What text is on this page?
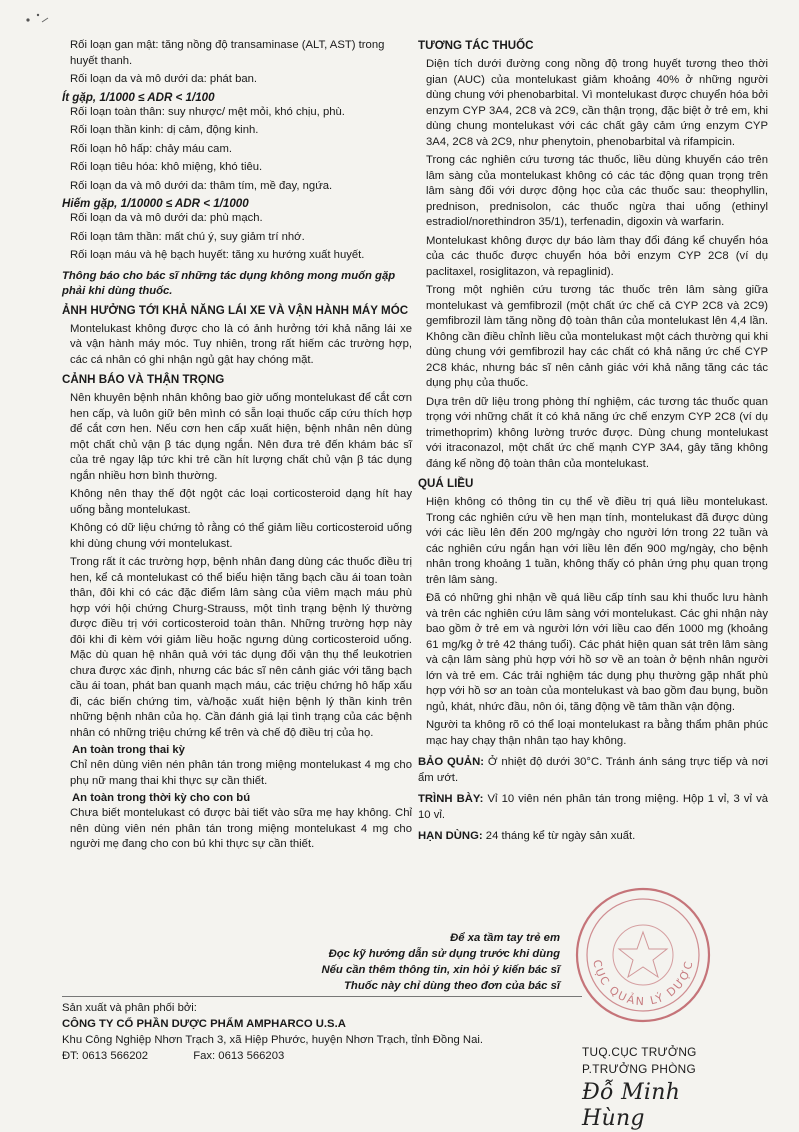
Rối loạn gan mật: tăng nồng độ transaminase (ALT, AST) trong huyết thanh.

Rối loạn da và mô dưới da: phát ban.

Ít gặp, 1/1000 ≤ ADR < 1/100

Rối loạn toàn thân: suy nhược/ mệt mỏi, khó chịu, phù.

Rối loạn thần kinh: dị cảm, động kinh.

Rối loạn hô hấp: chảy máu cam.

Rối loạn tiêu hóa: khô miệng, khó tiêu.

Rối loạn da và mô dưới da: thâm tím, mề đay, ngứa.

Hiếm gặp, 1/10000 ≤ ADR < 1/1000

Rối loạn da và mô dưới da: phù mạch.

Rối loạn tâm thần: mất chú ý, suy giảm trí nhớ.

Rối loạn máu và hệ bạch huyết: tăng xu hướng xuất huyết.

Thông báo cho bác sĩ những tác dụng không mong muốn gặp phải khi dùng thuốc.
ẢNH HƯỞNG TỚI KHẢ NĂNG LÁI XE VÀ VẬN HÀNH MÁY MÓC

Montelukast không được cho là có ảnh hưởng tới khả năng lái xe và vận hành máy móc. Tuy nhiên, trong rất hiếm các trường hợp, các cá nhân có ghi nhận ngủ gật hay chóng mặt.

CẢNH BÁO VÀ THẬN TRỌNG

Nên khuyên bệnh nhân không bao giờ uống montelukast để cắt cơn hen cấp, và luôn giữ bên mình có sẵn loại thuốc cấp cứu thích hợp để cắt cơn hen. Nếu cơn hen cấp xuất hiện, bệnh nhân nên dùng một chất chủ vận β tác dụng ngắn. Nên đưa trẻ đến khám bác sĩ của trẻ ngay lập tức khi trẻ cần hít lượng chất chủ vận β tác dụng ngắn nhiều hơn bình thường.

Không nên thay thế đột ngột các loại corticosteroid dạng hít hay uống bằng montelukast.

Không có dữ liệu chứng tỏ rằng có thể giảm liều corticosteroid uống khi dùng chung với montelukast.

Trong rất ít các trường hợp, bệnh nhân đang dùng các thuốc điều trị hen, kể cả montelukast có thể biểu hiện tăng bạch cầu ái toan toàn thân, đôi khi có các đặc điểm lâm sàng của viêm mạch máu phù hợp với hội chứng Churg-Strauss, một tình trạng bệnh lý thường được điều trị với corticosteroid toàn thân. Những trường hợp này đôi khi đi kèm với giảm liều hoặc ngưng dùng corticosteroid uống. Mặc dù quan hệ nhân quả với tác dụng đối vận thụ thể leukotrien chưa được xác định, nhưng các bác sĩ nên cảnh giác với tăng bạch cầu ái toan, phát ban quanh mạch máu, các triệu chứng hô hấp xấu đi, các biến chứng tim, và/hoặc xuất hiện bệnh lý thần kinh trên những bệnh nhân của họ. Cần đánh giá lại tình trạng của các bệnh nhân có những triệu chứng kể trên và chế độ điều trị của họ.

An toàn trong thai kỳ

Chỉ nên dùng viên nén phân tán trong miệng montelukast 4 mg cho phụ nữ mang thai khi thực sự cần thiết.

An toàn trong thời kỳ cho con bú

Chưa biết montelukast có được bài tiết vào sữa mẹ hay không. Chỉ nên dùng viên nén phân tán trong miệng montelukast 4 mg cho người mẹ đang cho con bú khi thực sự cần thiết.

TƯƠNG TÁC THUỐC

Diện tích dưới đường cong nồng độ trong huyết tương theo thời gian (AUC) của montelukast giảm khoảng 40% ở những người dùng chung với phenobarbital. Vì montelukast được chuyển hóa bởi enzym CYP 3A4, 2C8 và 2C9, cần thận trọng, đặc biệt ở trẻ em, khi dùng chung montelukast với các chất gây cảm ứng enzym CYP 3A4, 2C8 và 2C9, như phenytoin, phenobarbital và rifampicin.

Trong các nghiên cứu tương tác thuốc, liều dùng khuyến cáo trên lâm sàng của montelukast không có các tác động quan trọng trên lâm sàng đối với dược động học của các thuốc sau: theophyllin, prednison, prednisolon, các thuốc ngừa thai uống (ethinyl estradiol/norethindron 35/1), terfenadin, digoxin và warfarin.

Montelukast không được dự báo làm thay đổi đáng kể chuyển hóa của các thuốc được chuyển hóa bởi enzym CYP 2C8 (ví dụ paclitaxel, rosiglitazon, và repaglinid).

Trong một nghiên cứu tương tác thuốc trên lâm sàng giữa montelukast và gemfibrozil (một chất ức chế cả CYP 2C8 và 2C9) gemfibrozil làm tăng nồng độ toàn thân của montelukast lên 4,4 lần. Không cần điều chỉnh liều của montelukast một cách thường qui khi dùng chung với gemfibrozil hay các chất có khả năng ức chế CYP 2C8 khác, nhưng bác sĩ nên cảnh giác với khả năng tăng các tác dụng phụ của thuốc.

Dựa trên dữ liệu trong phòng thí nghiệm, các tương tác thuốc quan trọng với những chất ít có khả năng ức chế enzym CYP 2C8 (ví dụ trimethoprim) không lường trước được. Dùng chung montelukast với itraconazol, một chất ức chế mạnh CYP 3A4, gây tăng không đáng kể nồng độ toàn thân của montelukast.

QUÁ LIỀU

Hiện không có thông tin cụ thể về điều trị quá liều montelukast. Trong các nghiên cứu về hen mạn tính, montelukast đã được dùng với các liều lên đến 200 mg/ngày cho người lớn trong 22 tuần và các nghiên cứu ngắn hạn với liều lên đến 900 mg/ngày, cho bệnh nhân trong khoảng 1 tuần, không thấy có phản ứng phụ quan trọng trên lâm sàng.

Đã có những ghi nhận về quá liều cấp tính sau khi thuốc lưu hành và trên các nghiên cứu lâm sàng với montelukast. Các ghi nhận này bao gồm ở trẻ em và người lớn với liều cao đến 1000 mg (khoảng 61 mg/kg ở trẻ 42 tháng tuổi). Các phát hiện quan sát trên lâm sàng và cận lâm sàng phù hợp với hồ sơ về an toàn ở bệnh nhân người lớn và trẻ em. Các trải nghiệm tác dụng phụ thường gặp nhất phù hợp với hồ sơ an toàn của montelukast và bao gồm đau bụng, buồn ngủ, khát, nhức đầu, nôn ói, tăng động về tâm thần vận động.

Người ta không rõ có thể loại montelukast ra bằng thẩm phân phúc mạc hay chạy thận nhân tạo hay không.

BẢO QUẢN: Ở nhiệt độ dưới 30°C. Tránh ánh sáng trực tiếp và nơi ẩm ướt.

TRÌNH BÀY: Vỉ 10 viên nén phân tán trong miệng. Hộp 1 vỉ, 3 vỉ và 10 vỉ.

HẠN DÙNG: 24 tháng kể từ ngày sản xuất.

Để xa tầm tay trẻ em

Đọc kỹ hướng dẫn sử dụng trước khi dùng

Nếu cần thêm thông tin, xin hỏi ý kiến bác sĩ

Thuốc này chỉ dùng theo đơn của bác sĩ

CỤC QUẢN LÝ DƯỢC

Sản xuất và phân phối bởi:

CÔNG TY CỔ PHẦN DƯỢC PHẨM AMPHARCO U.S.A

Khu Công Nghiệp Nhơn Trạch 3, xã Hiệp Phước, huyện Nhơn Trạch, tỉnh Đồng Nai.

ĐT: 0613 566202	Fax: 0613 566203	TUQ.CỤC TRƯỞNG

P.TRƯỞNG PHÒNG

Đỗ Minh Hùng
